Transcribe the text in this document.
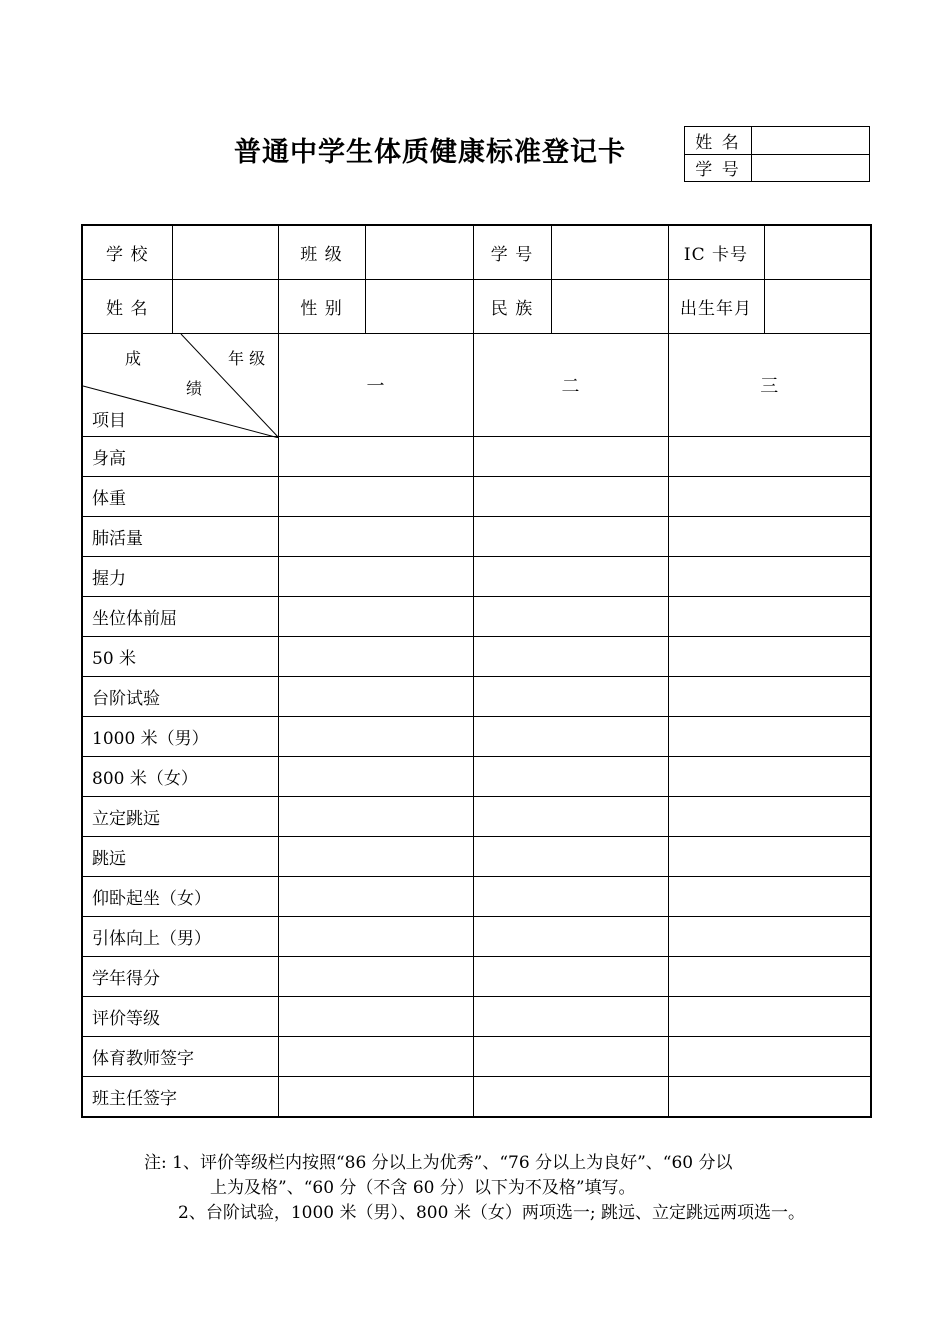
普通中学生体质健康标准登记卡	姓 名	
学 号	
学 校		班 级		学 号		IC 卡号	
姓 名		性 别		民 族		出生年月	

成 年 级
绩
项目		一		二		三	
身高							
体重							
肺活量							
握力							
坐位体前屈							
50 米							
台阶试验							
1000 米（男）							
800 米（女）							
立定跳远							
跳远							
仰卧起坐（女）							
引体向上（男）							
学年得分							
评价等级							
体育教师签字							
班主任签字							
注: 1、评价等级栏内按照“86 分以上为优秀”、“76 分以上为良好”、“60 分以
上为及格”、“60 分（不含 60 分）以下为不及格”填写。
2、台阶试验，1000 米（男）、800 米（女）两项选一; 跳远、立定跳远两项选一。
